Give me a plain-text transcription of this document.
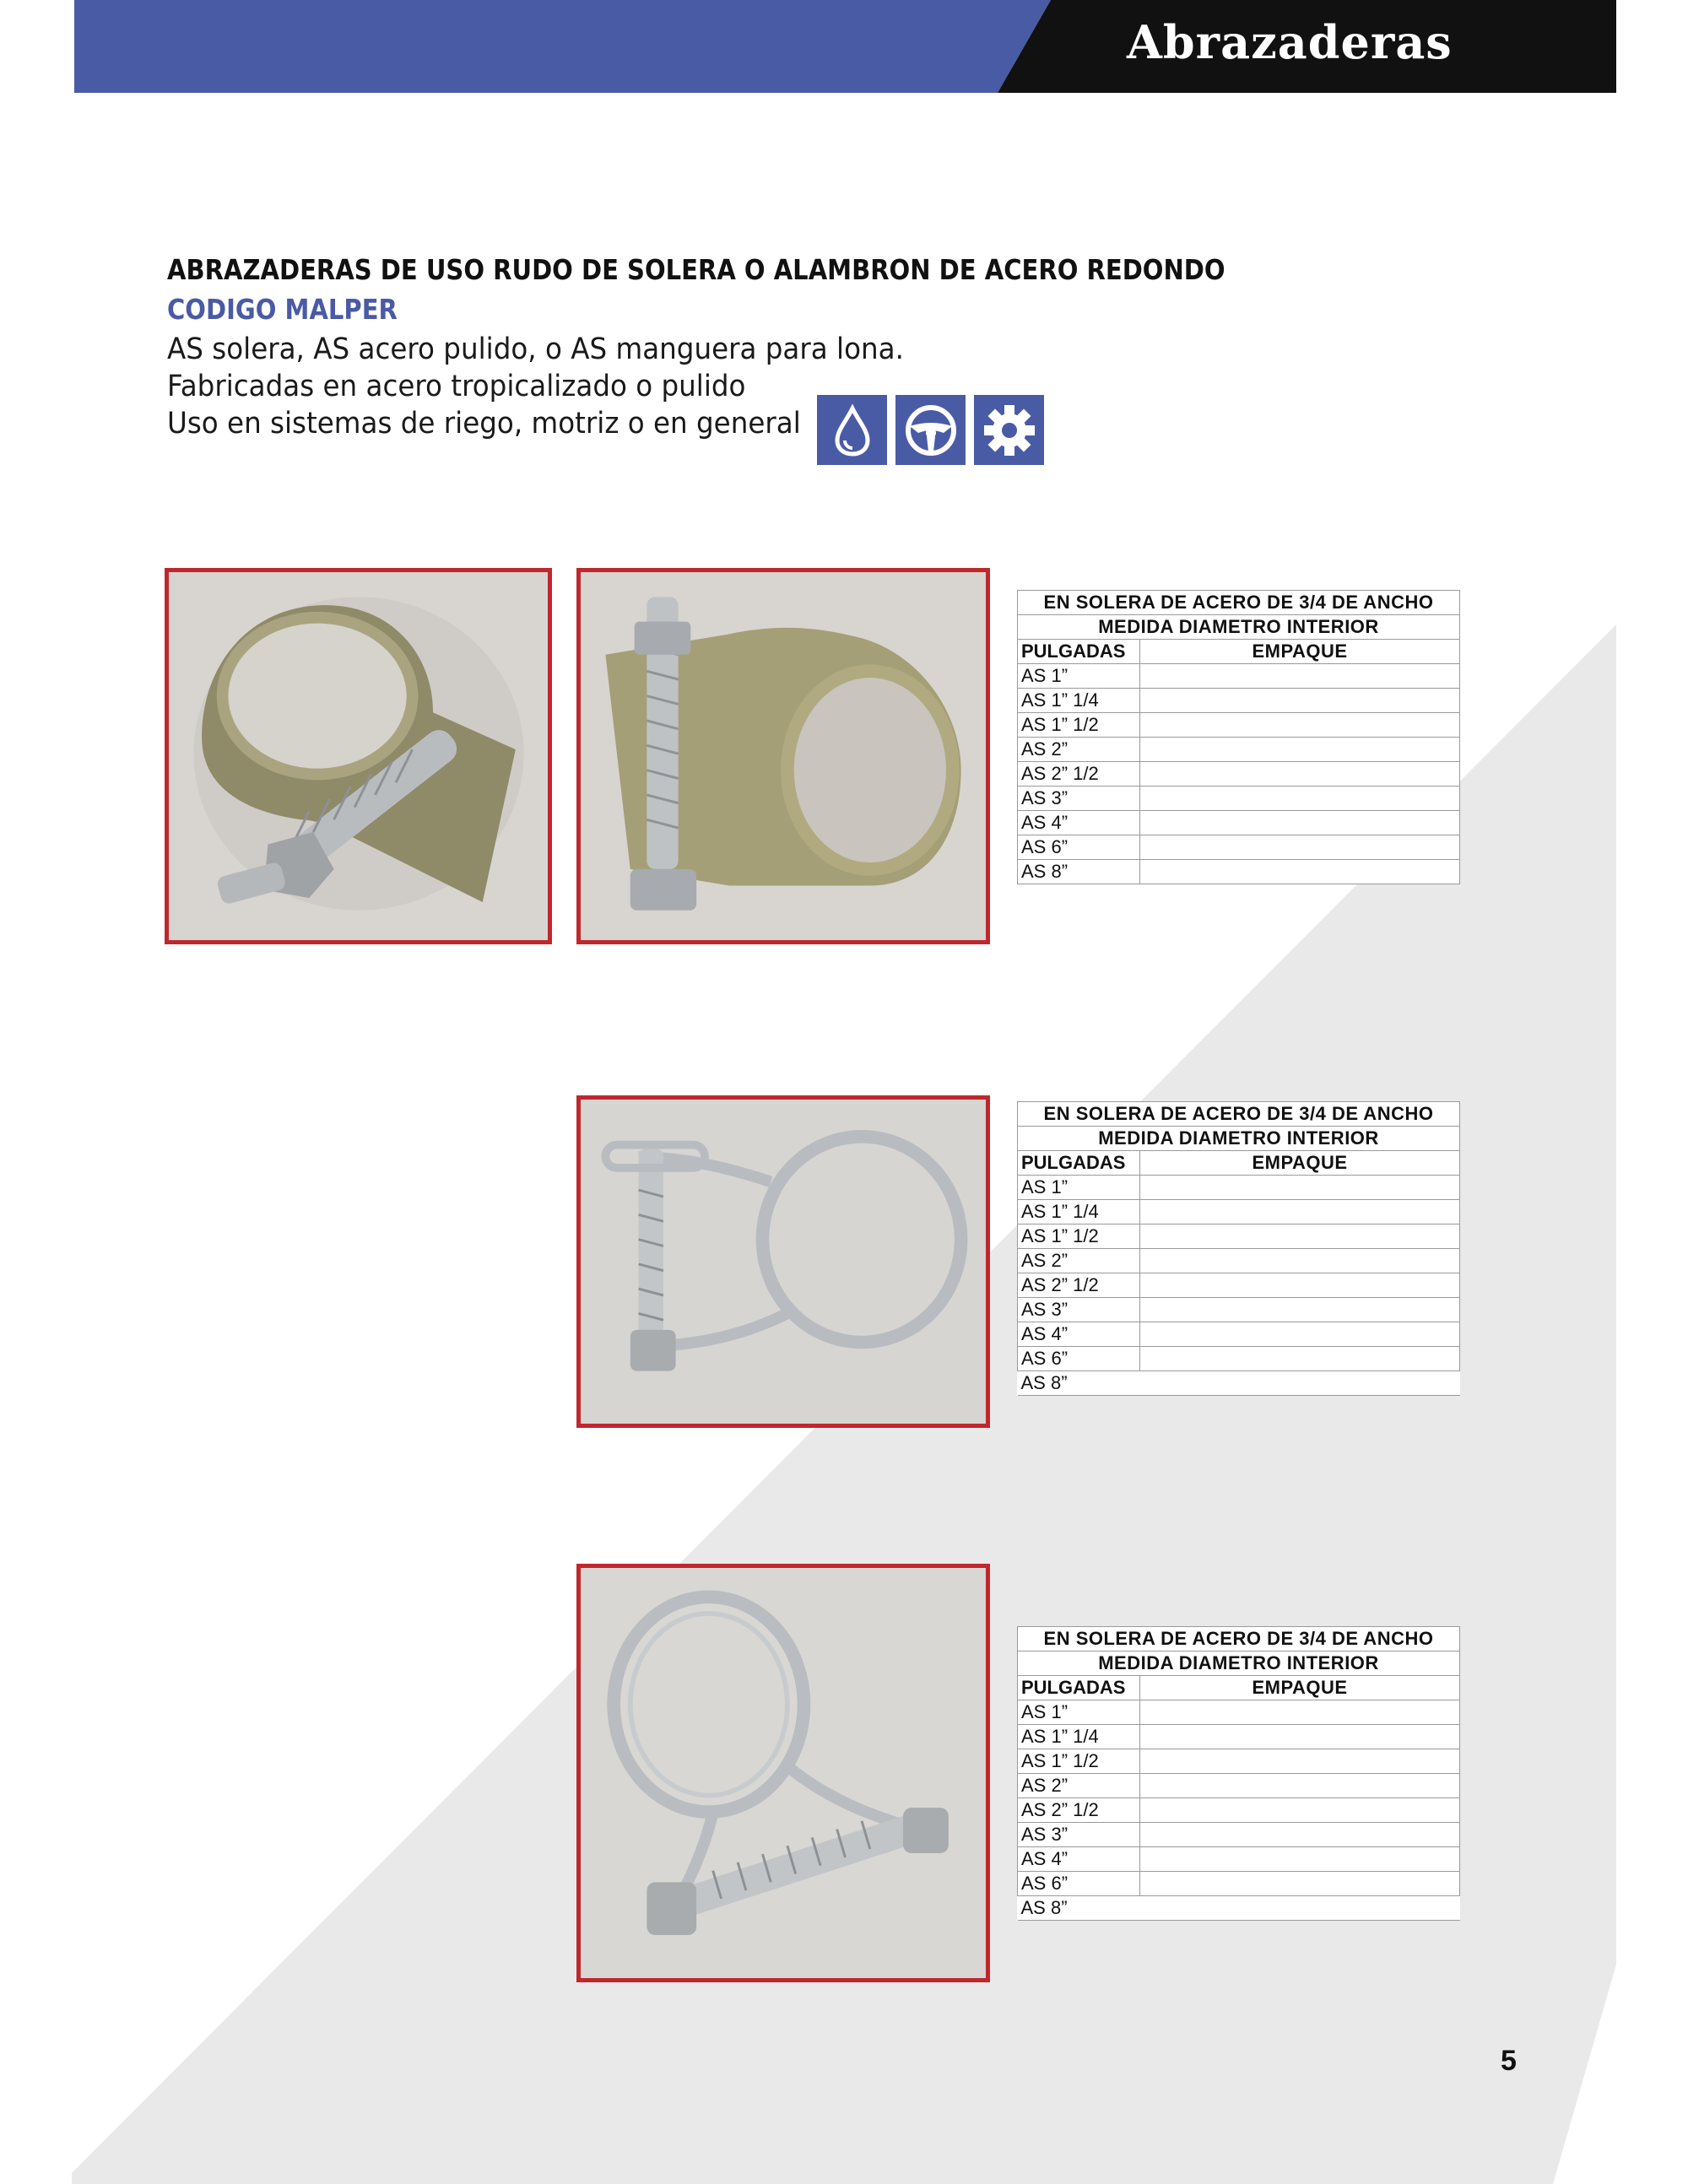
Abrazaderas
ABRAZADERAS DE USO RUDO DE SOLERA O ALAMBRON DE ACERO REDONDO
CODIGO MALPER
AS solera, AS acero pulido, o AS manguera para lona.
Fabricadas en acero tropicalizado o pulido
Uso en sistemas de riego, motriz o en general
EN SOLERA DE ACERO DE 3/4 DE ANCHO	
MEDIDA DIAMETRO INTERIOR	
PULGADAS	EMPAQUE
AS 1”	
AS 1” 1/4	
AS 1” 1/2	
AS 2”	
AS 2” 1/2	
AS 3”	
AS 4”	
AS 6”	
AS 8”	
EN SOLERA DE ACERO DE 3/4 DE ANCHO	
MEDIDA DIAMETRO INTERIOR	
PULGADAS	EMPAQUE
AS 1”	
AS 1” 1/4	
AS 1” 1/2	
AS 2”	
AS 2” 1/2	
AS 3”	
AS 4”	
AS 6”	
AS 8”	
EN SOLERA DE ACERO DE 3/4 DE ANCHO	
MEDIDA DIAMETRO INTERIOR	
PULGADAS	EMPAQUE
AS 1”	
AS 1” 1/4	
AS 1” 1/2	
AS 2”	
AS 2” 1/2	
AS 3”	
AS 4”	
AS 6”	
AS 8”	
5
